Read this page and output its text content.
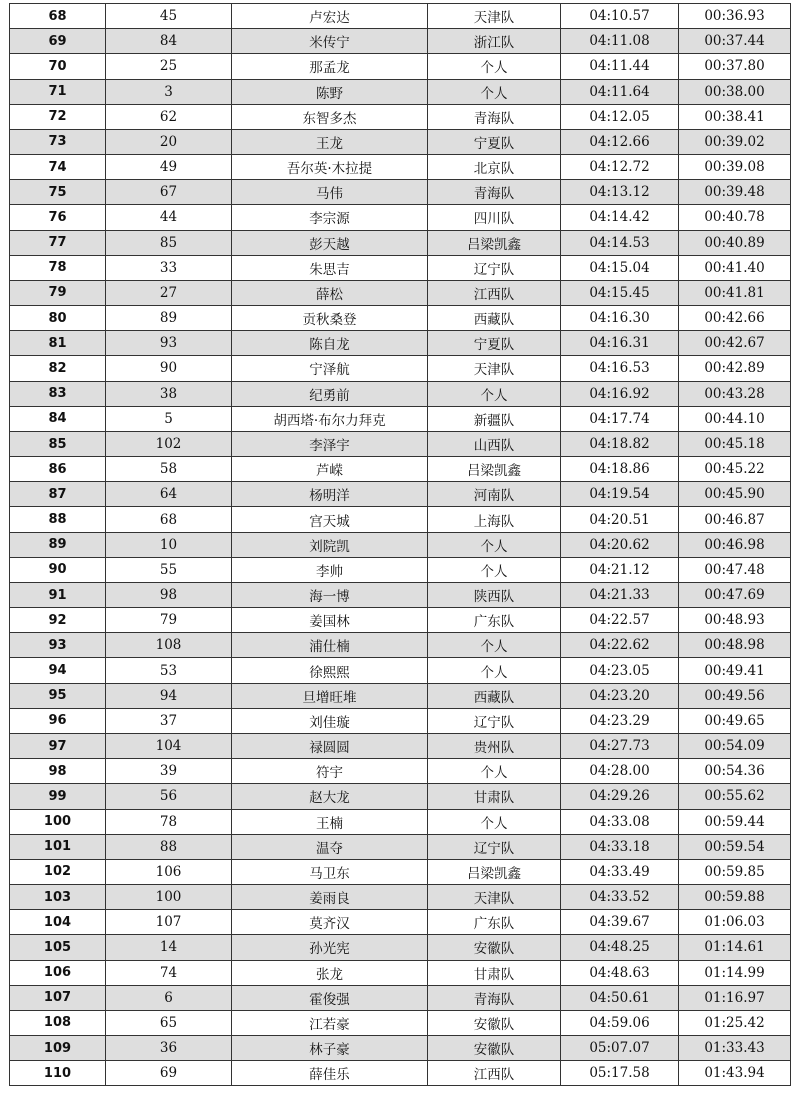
68	45	卢宏达	天津队	04:10.57	00:36.93
69	84	米传宁	浙江队	04:11.08	00:37.44
70	25	那孟龙	个人	04:11.44	00:37.80
71	3	陈野	个人	04:11.64	00:38.00
72	62	东智多杰	青海队	04:12.05	00:38.41
73	20	王龙	宁夏队	04:12.66	00:39.02
74	49	吾尔英·木拉提	北京队	04:12.72	00:39.08
75	67	马伟	青海队	04:13.12	00:39.48
76	44	李宗源	四川队	04:14.42	00:40.78
77	85	彭天越	吕梁凯鑫	04:14.53	00:40.89
78	33	朱思吉	辽宁队	04:15.04	00:41.40
79	27	薛松	江西队	04:15.45	00:41.81
80	89	贡秋桑登	西藏队	04:16.30	00:42.66
81	93	陈自龙	宁夏队	04:16.31	00:42.67
82	90	宁泽航	天津队	04:16.53	00:42.89
83	38	纪勇前	个人	04:16.92	00:43.28
84	5	胡西塔·布尔力拜克	新疆队	04:17.74	00:44.10
85	102	李泽宇	山西队	04:18.82	00:45.18
86	58	芦嵘	吕梁凯鑫	04:18.86	00:45.22
87	64	杨明洋	河南队	04:19.54	00:45.90
88	68	宫天城	上海队	04:20.51	00:46.87
89	10	刘院凯	个人	04:20.62	00:46.98
90	55	李帅	个人	04:21.12	00:47.48
91	98	海一博	陕西队	04:21.33	00:47.69
92	79	姜国林	广东队	04:22.57	00:48.93
93	108	浦仕楠	个人	04:22.62	00:48.98
94	53	徐熙熙	个人	04:23.05	00:49.41
95	94	旦增旺堆	西藏队	04:23.20	00:49.56
96	37	刘佳璇	辽宁队	04:23.29	00:49.65
97	104	禄圆圆	贵州队	04:27.73	00:54.09
98	39	符宇	个人	04:28.00	00:54.36
99	56	赵大龙	甘肃队	04:29.26	00:55.62
100	78	王楠	个人	04:33.08	00:59.44
101	88	温夺	辽宁队	04:33.18	00:59.54
102	106	马卫东	吕梁凯鑫	04:33.49	00:59.85
103	100	姜雨良	天津队	04:33.52	00:59.88
104	107	莫齐汉	广东队	04:39.67	01:06.03
105	14	孙光宪	安徽队	04:48.25	01:14.61
106	74	张龙	甘肃队	04:48.63	01:14.99
107	6	霍俊强	青海队	04:50.61	01:16.97
108	65	江若豪	安徽队	04:59.06	01:25.42
109	36	林子豪	安徽队	05:07.07	01:33.43
110	69	薛佳乐	江西队	05:17.58	01:43.94
